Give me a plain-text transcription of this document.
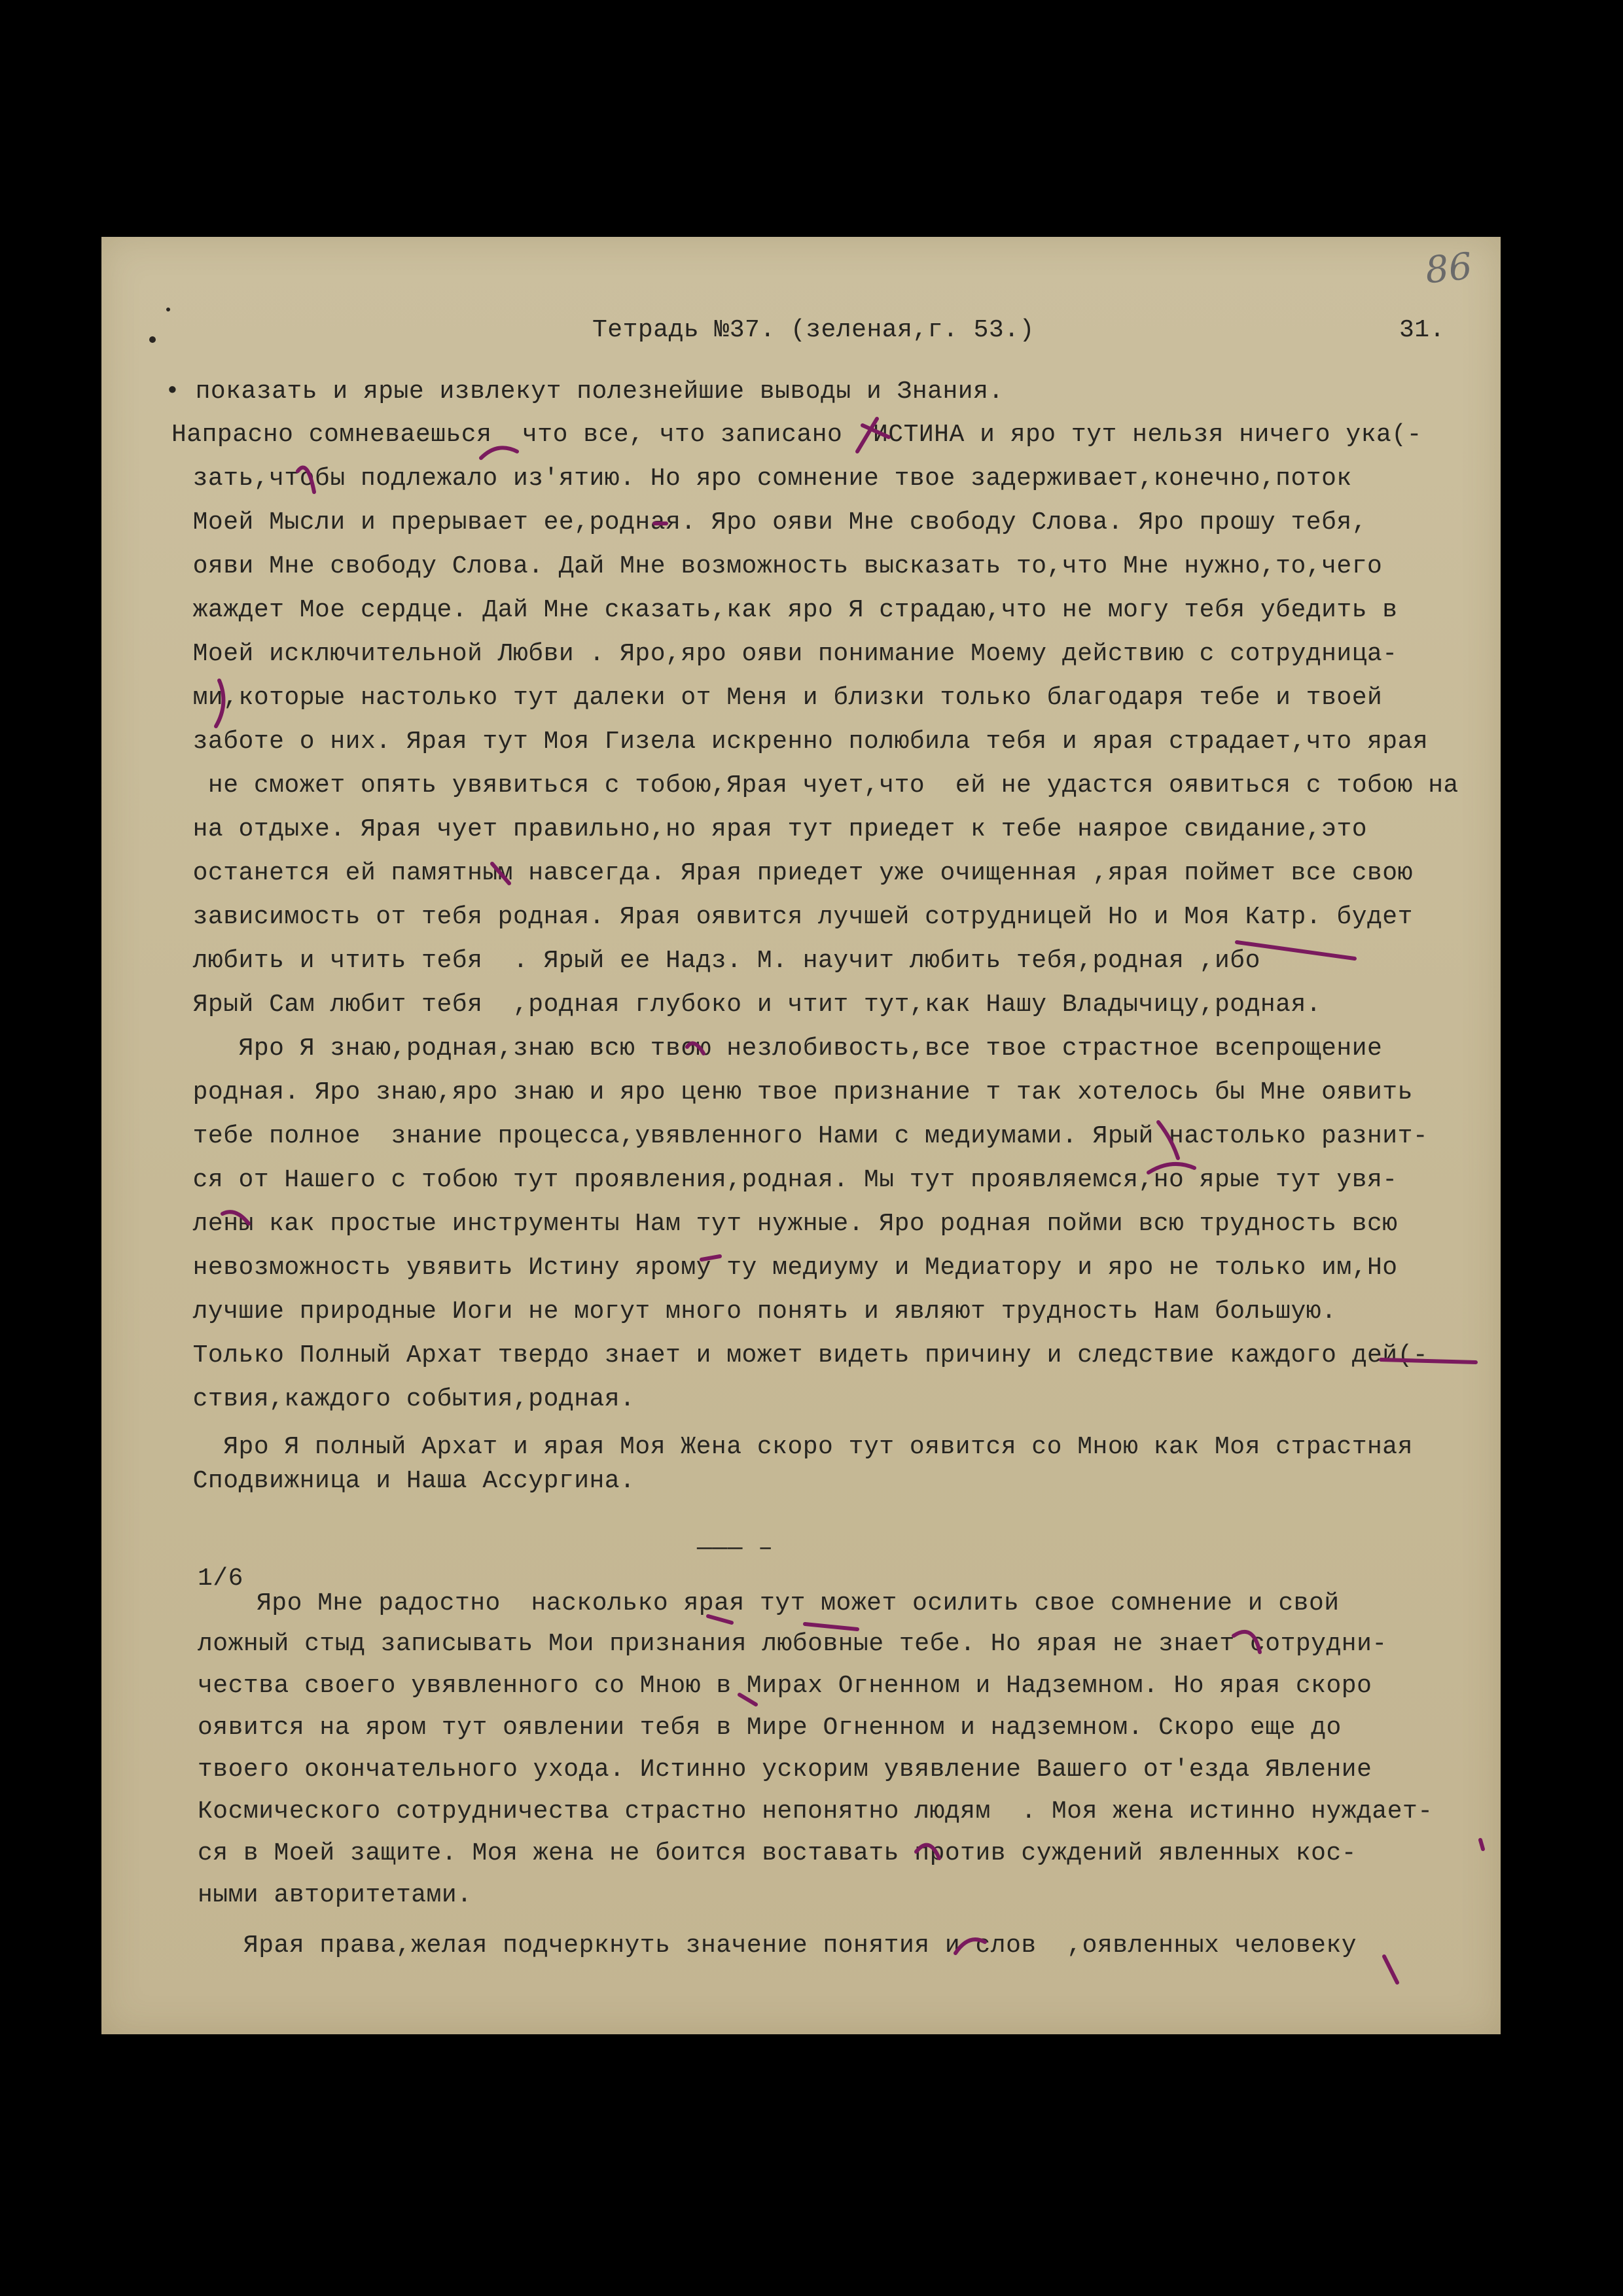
86
Тетрадь №37. (зеленая,г. 53.)	31.
• показать и ярые извлекут полезнейшие выводы и Знания.
Напрасно сомневаешься  что все, что записано  ИСТИНА и яро тут нельзя ничего ука(-
зать,чтобы подлежало из'ятию. Но яро сомнение твое задерживает,конечно,поток
Моей Мысли и прерывает ее,родная. Яро ояви Мне свободу Слова. Яро прошу тебя,
ояви Мне свободу Слова. Дай Мне возможность высказать то,что Мне нужно,то,чего
жаждет Мое сердце. Дай Мне сказать,как яро Я страдаю,что не могу тебя убедить в
Моей исключительной Любви . Яро,яро ояви понимание Моему действию с сотрудница-
ми,которые настолько тут далеки от Меня и близки только благодаря тебе и твоей
заботе о них. Ярая тут Моя Гизела искренно полюбила тебя и ярая страдает,что ярая
не сможет опять увявиться с тобою,Ярая чует,что  ей не удастся оявиться с тобою на
на отдыхе. Ярая чует правильно,но ярая тут приедет к тебе наярое свидание,это
останется ей памятным навсегда. Ярая приедет уже очищенная ,ярая поймет все свою
зависимость от тебя родная. Ярая оявится лучшей сотрудницей Но и Моя Катр. будет
любить и чтить тебя  . Ярый ее Надз. М. научит любить тебя,родная ,ибо
Ярый Сам любит тебя  ,родная глубоко и чтит тут,как Нашу Владычицу,родная.
Яро Я знаю,родная,знаю всю твою незлобивость,все твое страстное всепрощение
родная. Яро знаю,яро знаю и яро ценю твое признание т так хотелось бы Мне оявить
тебе полное  знание процесса,увявленного Нами с медиумами. Ярый настолько разнит-
ся от Нашего с тобою тут проявления,родная. Мы тут проявляемся,но ярые тут увя-
лены как простые инструменты Нам тут нужные. Яро родная пойми всю трудность всю
невозможность увявить Истину ярому ту медиуму и Медиатору и яро не только им,Но
лучшие природные Иоги не могут много понять и являют трудность Нам большую.
Только Полный Архат твердо знает и может видеть причину и следствие каждого дей(-
ствия,каждого события,родная.
Яро Я полный Архат и ярая Моя Жена скоро тут оявится со Мною как Моя страстная
Сподвижница и Наша Ассургина.
——— –
1/6
Яро Мне радостно  насколько ярая тут может осилить свое сомнение и свой
ложный стыд записывать Мои признания любовные тебе. Но ярая не знает сотрудни-
чества своего увявленного со Мною в Мирах Огненном и Надземном. Но ярая скоро
оявится на яром тут оявлении тебя в Мире Огненном и надземном. Скоро еще до
твоего окончательного ухода. Истинно ускорим увявление Вашего от'езда Явление
Космического сотрудничества страстно непонятно людям  . Моя жена истинно нуждает-
ся в Моей защите. Моя жена не боится воставать против суждений явленных кос-
ными авторитетами.
Ярая права,желая подчеркнуть значение понятия и слов  ,оявленных человеку
